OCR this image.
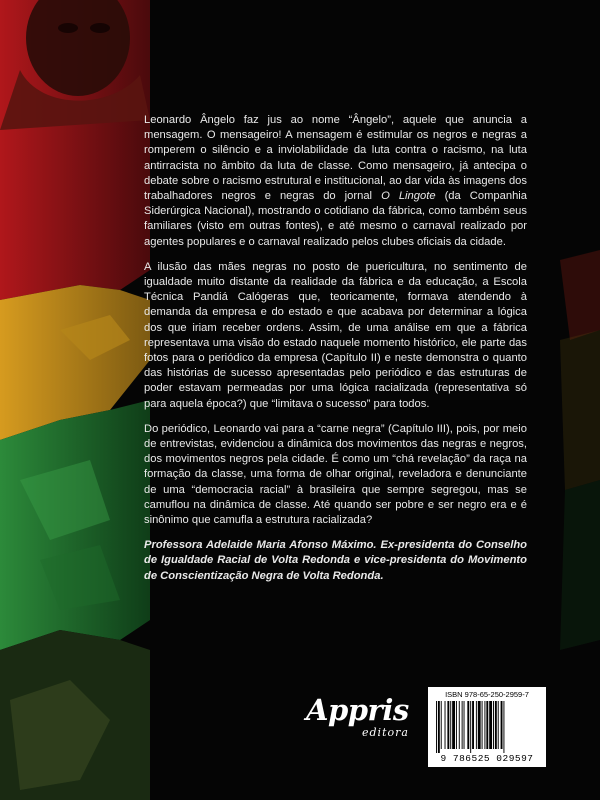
Leonardo Ângelo faz jus ao nome “Ângelo”, aquele que anuncia a mensagem. O mensageiro! A mensagem é estimular os negros e negras a romperem o silêncio e a inviolabilidade da luta contra o racismo, na luta antirracista no âmbito da luta de classe. Como mensageiro, já antecipa o debate sobre o racismo estrutural e institucional, ao dar vida às imagens dos trabalhadores negros e negras do jornal O Lingote (da Companhia Siderúrgica Nacional), mostrando o cotidiano da fábrica, como também seus familiares (visto em outras fontes), e até mesmo o carnaval realizado por agentes populares e o carnaval realizado pelos clubes oficiais da cidade.

A ilusão das mães negras no posto de puericultura, no sentimento de igualdade muito distante da realidade da fábrica e da educação, a Escola Técnica Pandiá Calógeras que, teoricamente, formava atendendo à demanda da empresa e do estado e que acabava por determinar a lógica dos que iriam receber ordens. Assim, de uma análise em que a fábrica representava uma visão do estado naquele momento histórico, ele parte das fotos para o periódico da empresa (Capítulo II) e neste demonstra o quanto das histórias de sucesso apresentadas pelo periódico e das estruturas de poder estavam permeadas por uma lógica racializada (representativa só para aquela época?) que “limitava o sucesso” para todos.

Do periódico, Leonardo vai para a “carne negra” (Capítulo III), pois, por meio de entrevistas, evidenciou a dinâmica dos movimentos das negras e negros, dos movimentos negros pela cidade. É como um “chá revelação” da raça na formação da classe, uma forma de olhar original, reveladora e denunciante de uma “democracia racial” à brasileira que sempre segregou, mas se camuflou na dinâmica de classe. Até quando ser pobre e ser negro era e é sinônimo que camufla a estrutura racializada?

Professora Adelaide Maria Afonso Máximo. Ex-presidenta do Conselho de Igualdade Racial de Volta Redonda e vice-presidenta do Movimento de Conscientização Negra de Volta Redonda.

Appris
editora
ISBN 978-65-250-2959-7
9 786525 029597
